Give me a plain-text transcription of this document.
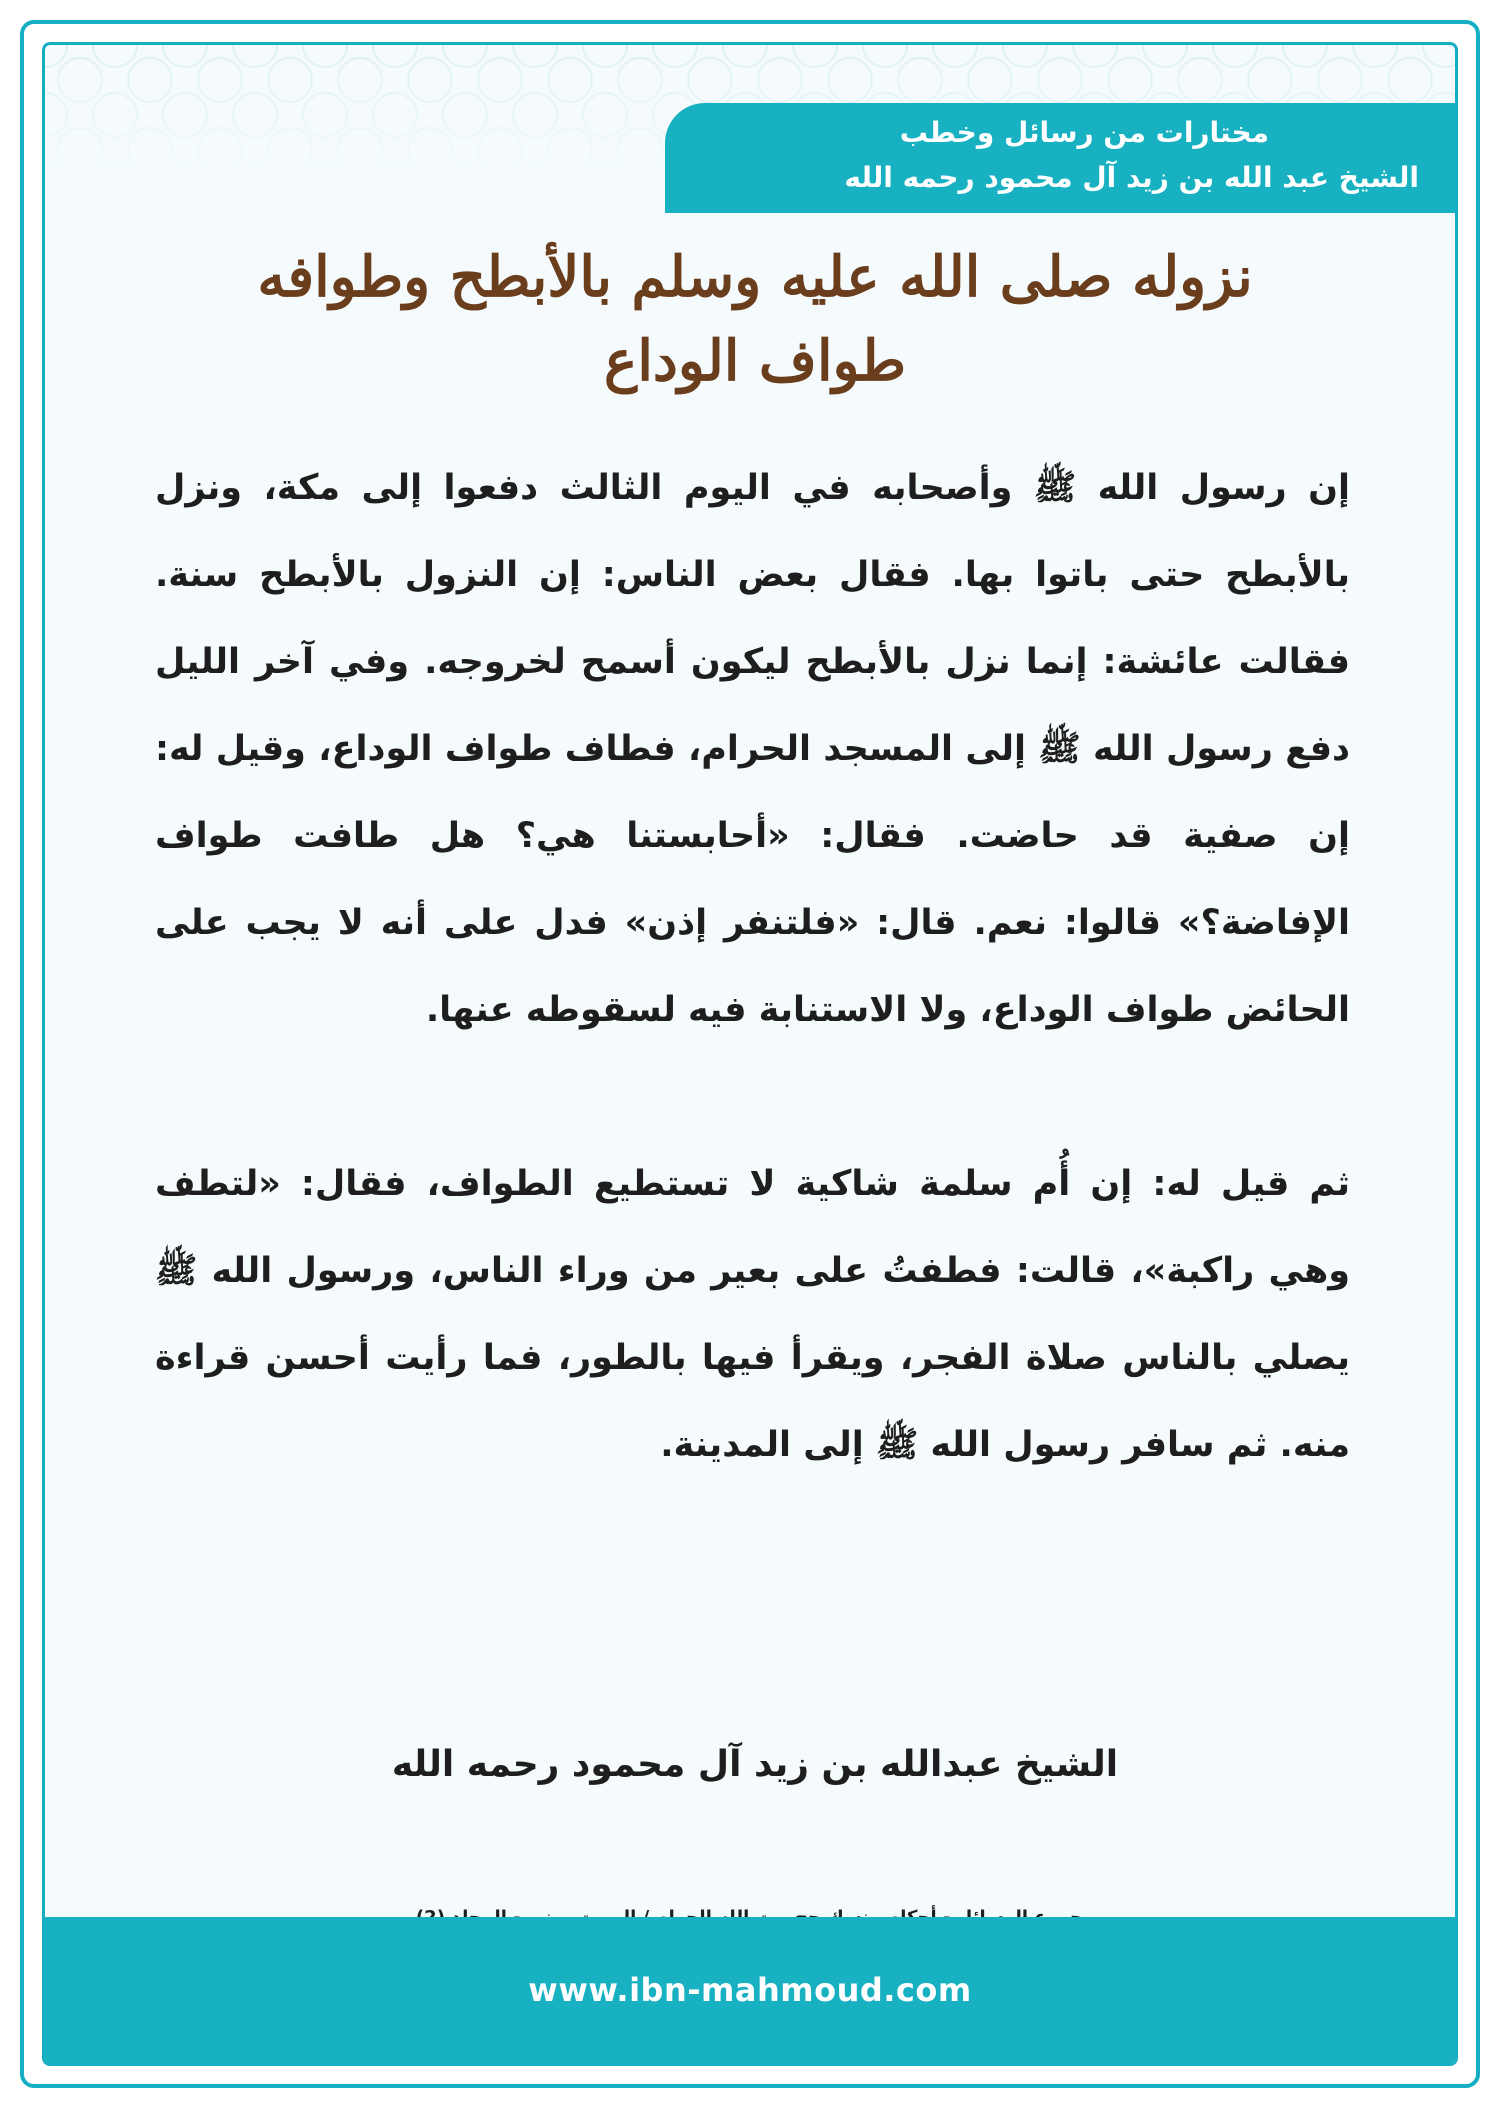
مختارات من رسائل وخطب
الشيخ عبد الله بن زيد آل محمود رحمه الله
نزوله صلى الله عليه وسلم بالأبطح وطوافه
طواف الوداع

إن رسول الله ﷺ وأصحابه في اليوم الثالث دفعوا إلى مكة، ونزل بالأبطح حتى باتوا بها. فقال بعض الناس: إن النزول بالأبطح سنة. فقالت عائشة: إنما نزل بالأبطح ليكون أسمح لخروجه. وفي آخر الليل دفع رسول الله ﷺ إلى المسجد الحرام، فطاف طواف الوداع، وقيل له: إن صفية قد حاضت. فقال: «أحابستنا هي؟ هل طافت طواف الإفاضة؟» قالوا: نعم. قال: «فلتنفر إذن» فدل على أنه لا يجب على الحائض طواف الوداع، ولا الاستنابة فيه لسقوطه عنها.

ثم قيل له: إن أُم سلمة شاكية لا تستطيع الطواف، فقال: «لتطف وهي راكبة»، قالت: فطفتُ على بعير من وراء الناس، ورسول الله ﷺ يصلي بالناس صلاة الفجر، ويقرأ فيها بالطور، فما رأيت أحسن قراءة منه. ثم سافر رسول الله ﷺ إلى المدينة.

الشيخ عبدالله بن زيد آل محمود رحمه الله
www.ibn-mahmoud.com
